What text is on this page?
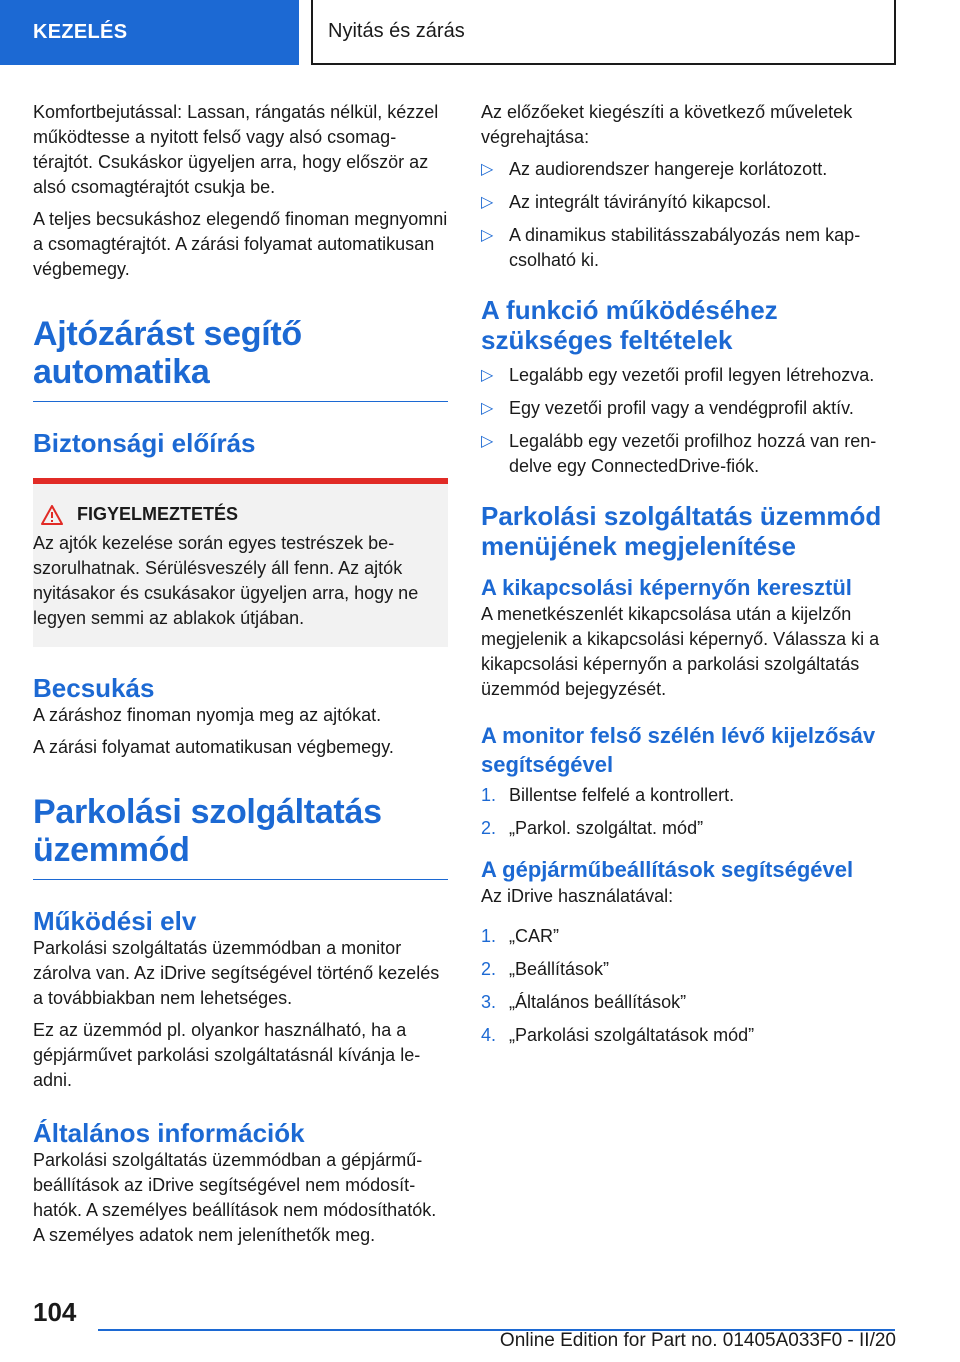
KEZELÉS	Nyitás és zárás

Komfortbejutással: Lassan, rángatás nélkül, kézzel működtesse a nyitott felső vagy alsó csomagtérajtót. Csukáskor ügyeljen arra, hogy először az alsó csomagtérajtót csukja be.

A teljes becsukáshoz elegendő finoman megnyomni a csomagtérajtót. A zárási folyamat automatikusan végbemegy.

Ajtózárást segítő automatika
Biztonsági előírás
FIGYELMEZTETÉS

Az ajtók kezelése során egyes testrészek beszorulhatnak. Sérülésveszély áll fenn. Az ajtók nyitásakor és csukásakor ügyeljen arra, hogy ne legyen semmi az ablakok útjában.

Becsukás

A záráshoz finoman nyomja meg az ajtókat.

A zárási folyamat automatikusan végbemegy.

Parkolási szolgáltatás üzemmód
Működési elv

Parkolási szolgáltatás üzemmódban a monitor zárolva van. Az iDrive segítségével történő kezelés a továbbiakban nem lehetséges.

Ez az üzemmód pl. olyankor használható, ha a gépjárművet parkolási szolgáltatásnál kívánja leadni.

Általános információk

Parkolási szolgáltatás üzemmódban a gépjárműbeállítások az iDrive segítségével nem módosíthatók. A személyes beállítások nem módosíthatók. A személyes adatok nem jeleníthetők meg.

Az előzőeket kiegészíti a következő műveletek végrehajtása:

▷ Az audiorendszer hangereje korlátozott.
▷ Az integrált távirányító kikapcsol.
▷ A dinamikus stabilitásszabályozás nem kapcsolható ki.
A funkció működéséhez szükséges feltételek
▷ Legalább egy vezetői profil legyen létrehozva.
▷ Egy vezetői profil vagy a vendégprofil aktív.
▷ Legalább egy vezetői profilhoz hozzá van rendelve egy ConnectedDrive-fiók.
Parkolási szolgáltatás üzemmód menüjének megjelenítése
A kikapcsolási képernyőn keresztül

A menetkészenlét kikapcsolása után a kijelzőn megjelenik a kikapcsolási képernyő. Válassza ki a kikapcsolási képernyőn a parkolási szolgáltatás üzemmód bejegyzését.

A monitor felső szélén lévő kijelzősáv segítségével
1. Billentse felfelé a kontrollert.
2. „Parkol. szolgáltat. mód”
A gépjárműbeállítások segítségével

Az iDrive használatával:

1. „CAR”
2. „Beállítások”
3. „Általános beállítások”
4. „Parkolási szolgáltatások mód”
104
Online Edition for Part no. 01405A033F0 - II/20
